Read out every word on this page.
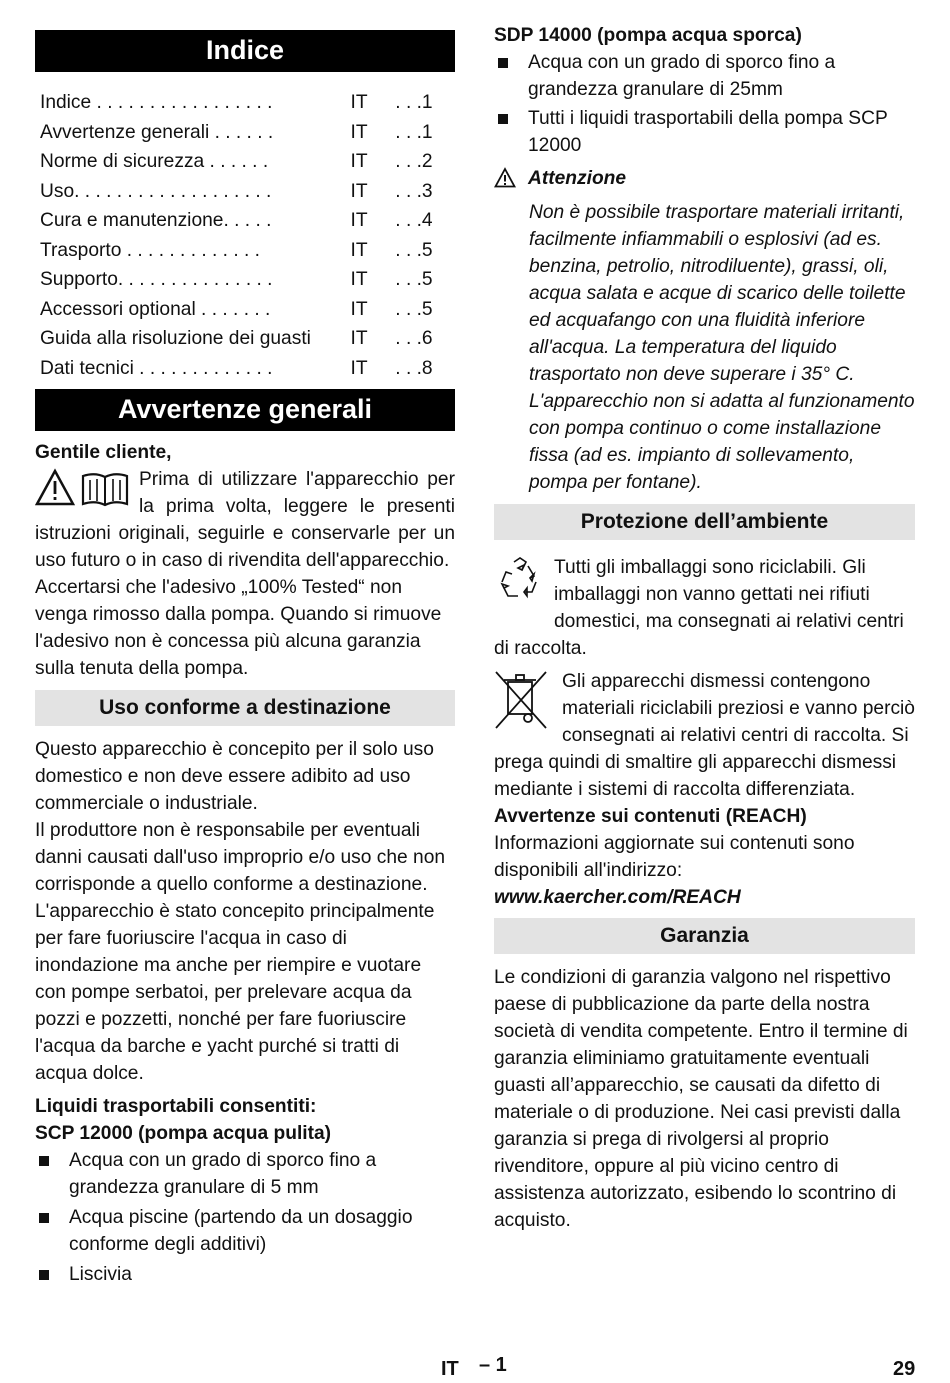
Indice
Indice . . . . . . . . . . . . . . . . .	IT	. . .1
Avvertenze generali . . . . . .	IT	. . .1
Norme di sicurezza . . . . . .	IT	. . .2
Uso. . . . . . . . . . . . . . . . . . .	IT	. . .3
Cura e manutenzione. . . . .	IT	. . .4
Trasporto . . . . . . . . . . . . .	IT	. . .5
Supporto. . . . . . . . . . . . . . .	IT	. . .5
Accessori optional . . . . . . .	IT	. . .5
Guida alla risoluzione dei guasti	IT	. . .6
Dati tecnici . . . . . . . . . . . . .	IT	. . .8
Avvertenze generali
Gentile cliente,
Prima di utilizzare l'apparecchio per la prima volta, leggere le presenti istruzioni originali, seguirle e conservarle per un uso futuro o in caso di rivendita dell'apparecchio.
Accertarsi che l'adesivo „100% Tested“ non venga rimosso dalla pompa. Quando si rimuove l'adesivo non è concessa più alcuna garanzia sulla tenuta della pompa.
Uso conforme a destinazione
Questo apparecchio è concepito per il solo uso domestico e non deve essere adibito ad uso commerciale o industriale.
Il produttore non è responsabile per eventuali danni causati dall'uso improprio e/o uso che non corrisponde a quello conforme a destinazione.
L'apparecchio è stato concepito principalmente per fare fuoriuscire l'acqua in caso di inondazione ma anche per riempire e vuotare con pompe serbatoi, per prelevare acqua da pozzi e pozzetti, nonché per fare fuoriuscire l'acqua da barche e yacht purché si tratti di acqua dolce.
Liquidi trasportabili consentiti:
SCP 12000 (pompa acqua pulita)
Acqua con un grado di sporco fino a grandezza granulare di 5 mm
Acqua piscine (partendo da un dosaggio conforme degli additivi)
Liscivia
SDP 14000 (pompa acqua sporca)
Acqua con un grado di sporco fino a grandezza granulare di 25mm
Tutti i liquidi trasportabili della pompa SCP 12000
Attenzione
Non è possibile trasportare materiali irritanti, facilmente infiammabili o esplosivi (ad es. benzina, petrolio, nitrodiluente), grassi, oli, acqua salata e acque di scarico delle toilette ed acquafango con una fluidità inferiore all'acqua. La temperatura del liquido trasportato non deve superare i 35° C. L'apparecchio non si adatta al funzionamento con pompa continuo o come installazione fissa (ad es. impianto di sollevamento, pompa per fontane).
Protezione dell’ambiente
Tutti gli imballaggi sono riciclabili. Gli imballaggi non vanno gettati nei rifiuti domestici, ma consegnati ai relativi centri di raccolta.
Gli apparecchi dismessi contengono materiali riciclabili preziosi e vanno perciò consegnati ai relativi centri di raccolta. Si prega quindi di smaltire gli apparecchi dismessi mediante i sistemi di raccolta differenziata.
Avvertenze sui contenuti (REACH)
Informazioni aggiornate sui contenuti sono disponibili all'indirizzo:
www.kaercher.com/REACH
Garanzia
Le condizioni di garanzia valgono nel rispettivo paese di pubblicazione da parte della nostra società di vendita competente. Entro il termine di garanzia eliminiamo gratuitamente eventuali guasti all’apparecchio, se causati da difetto di materiale o di produzione. Nei casi previsti dalla garanzia si prega di rivolgersi al proprio rivenditore, oppure al più vicino centro di assistenza autorizzato, esibendo lo scontrino di acquisto.
IT – 1	29
